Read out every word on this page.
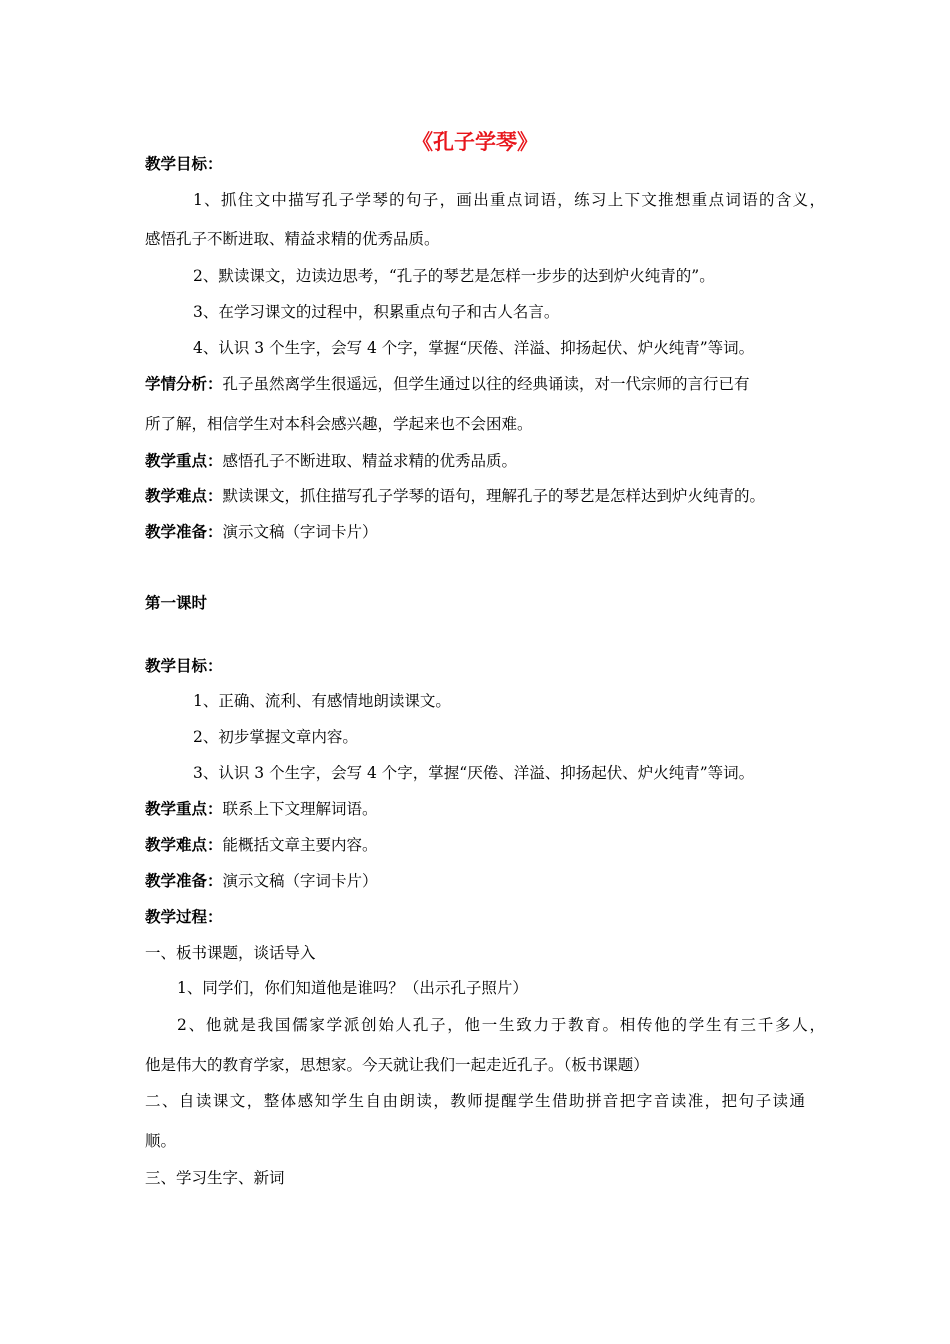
《孔子学琴》
教学目标：
1、抓住文中描写孔子学琴的句子，画出重点词语，练习上下文推想重点词语的含义，
感悟孔子不断进取、精益求精的优秀品质。
2、默读课文，边读边思考，“孔子的琴艺是怎样一步步的达到炉火纯青的”。
3、在学习课文的过程中，积累重点句子和古人名言。
4、认识 3 个生字，会写 4 个字，掌握“厌倦、洋溢、抑扬起伏、炉火纯青”等词。
学情分析：孔子虽然离学生很遥远，但学生通过以往的经典诵读，对一代宗师的言行已有
所了解，相信学生对本科会感兴趣，学起来也不会困难。
教学重点：感悟孔子不断进取、精益求精的优秀品质。
教学难点：默读课文，抓住描写孔子学琴的语句，理解孔子的琴艺是怎样达到炉火纯青的。
教学准备：演示文稿（字词卡片）
第一课时
教学目标：
1、正确、流利、有感情地朗读课文。
2、初步掌握文章内容。
3、认识 3 个生字，会写 4 个字，掌握“厌倦、洋溢、抑扬起伏、炉火纯青”等词。
教学重点：联系上下文理解词语。
教学难点：能概括文章主要内容。
教学准备：演示文稿（字词卡片）
教学过程：
一、板书课题，谈话导入
1、同学们，你们知道他是谁吗？（出示孔子照片）
2、他就是我国儒家学派创始人孔子，他一生致力于教育。相传他的学生有三千多人，
他是伟大的教育学家，思想家。今天就让我们一起走近孔子。（板书课题）
二、自读课文，整体感知学生自由朗读，教师提醒学生借助拼音把字音读准，把句子读通
顺。
三、学习生字、新词
